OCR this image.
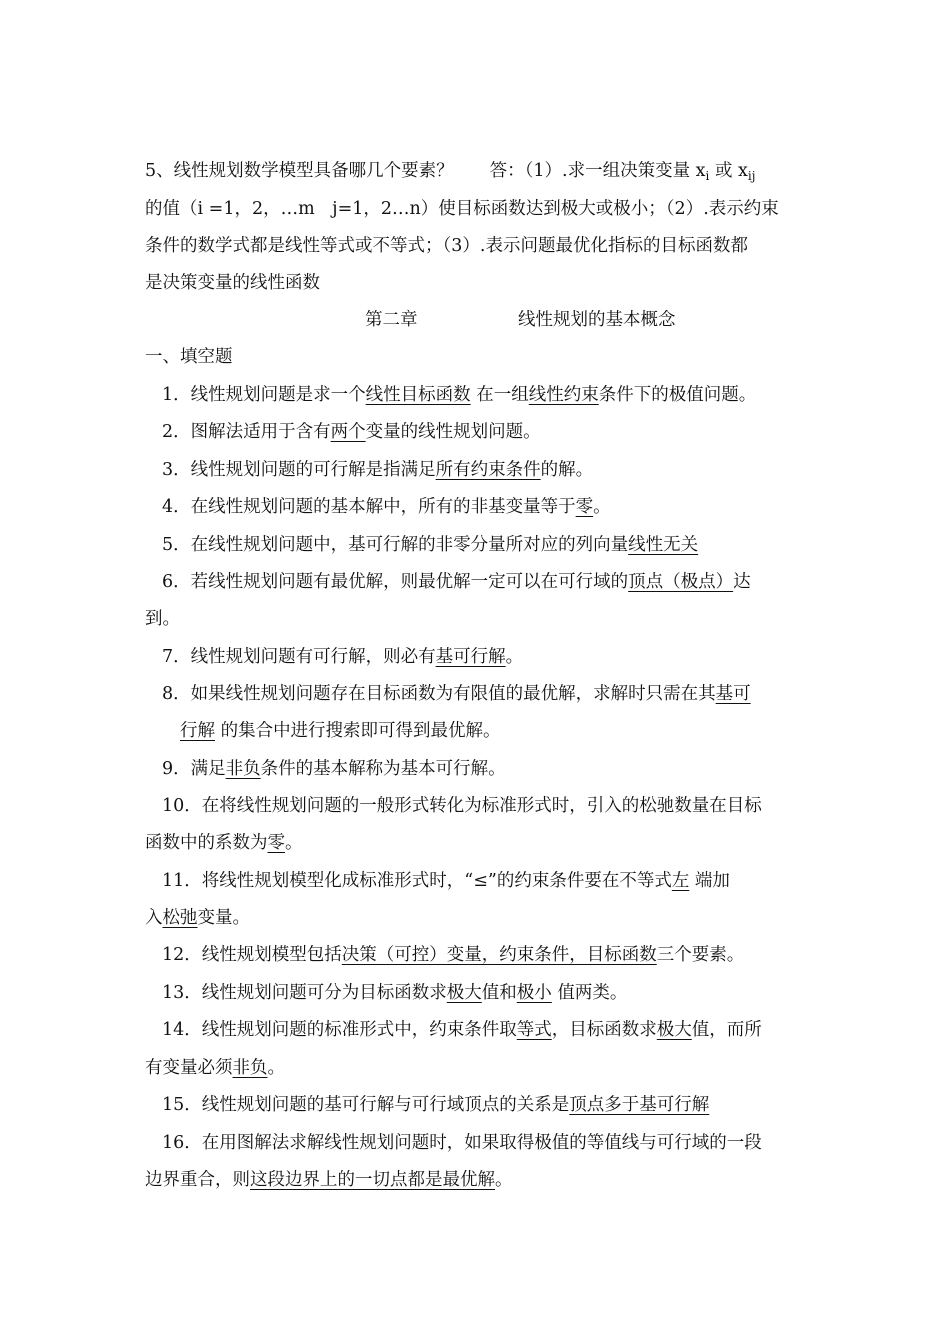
5、线性规划数学模型具备哪几个要素？ 答：（1）.求一组决策变量 $x_i$ 或 $x_{ij}$
的值（i =1，2，…m　j=1，2…n）使目标函数达到极大或极小；（2）.表示约束
条件的数学式都是线性等式或不等式；（3）.表示问题最优化指标的目标函数都
是决策变量的线性函数
第二章	线性规划的基本概念
一、填空题
1．线性规划问题是求一个线性目标函数 在一组线性约束条件下的极值问题。
2．图解法适用于含有两个变量的线性规划问题。
3．线性规划问题的可行解是指满足所有约束条件的解。
4．在线性规划问题的基本解中，所有的非基变量等于零。
5．在线性规划问题中，基可行解的非零分量所对应的列向量线性无关
6．若线性规划问题有最优解，则最优解一定可以在可行域的顶点（极点）达
到。
7．线性规划问题有可行解，则必有基可行解。
8．如果线性规划问题存在目标函数为有限值的最优解，求解时只需在其基可
行解 的集合中进行搜索即可得到最优解。
9．满足非负条件的基本解称为基本可行解。
10．在将线性规划问题的一般形式转化为标准形式时，引入的松驰数量在目标
函数中的系数为零。
11．将线性规划模型化成标准形式时，“≤”的约束条件要在不等式左 端加
入松弛变量。
12．线性规划模型包括决策（可控）变量，约束条件，目标函数三个要素。
13．线性规划问题可分为目标函数求极大值和极小 值两类。
14．线性规划问题的标准形式中，约束条件取等式，目标函数求极大值，而所
有变量必须非负。
15．线性规划问题的基可行解与可行域顶点的关系是顶点多于基可行解
16．在用图解法求解线性规划问题时，如果取得极值的等值线与可行域的一段
边界重合，则这段边界上的一切点都是最优解。
